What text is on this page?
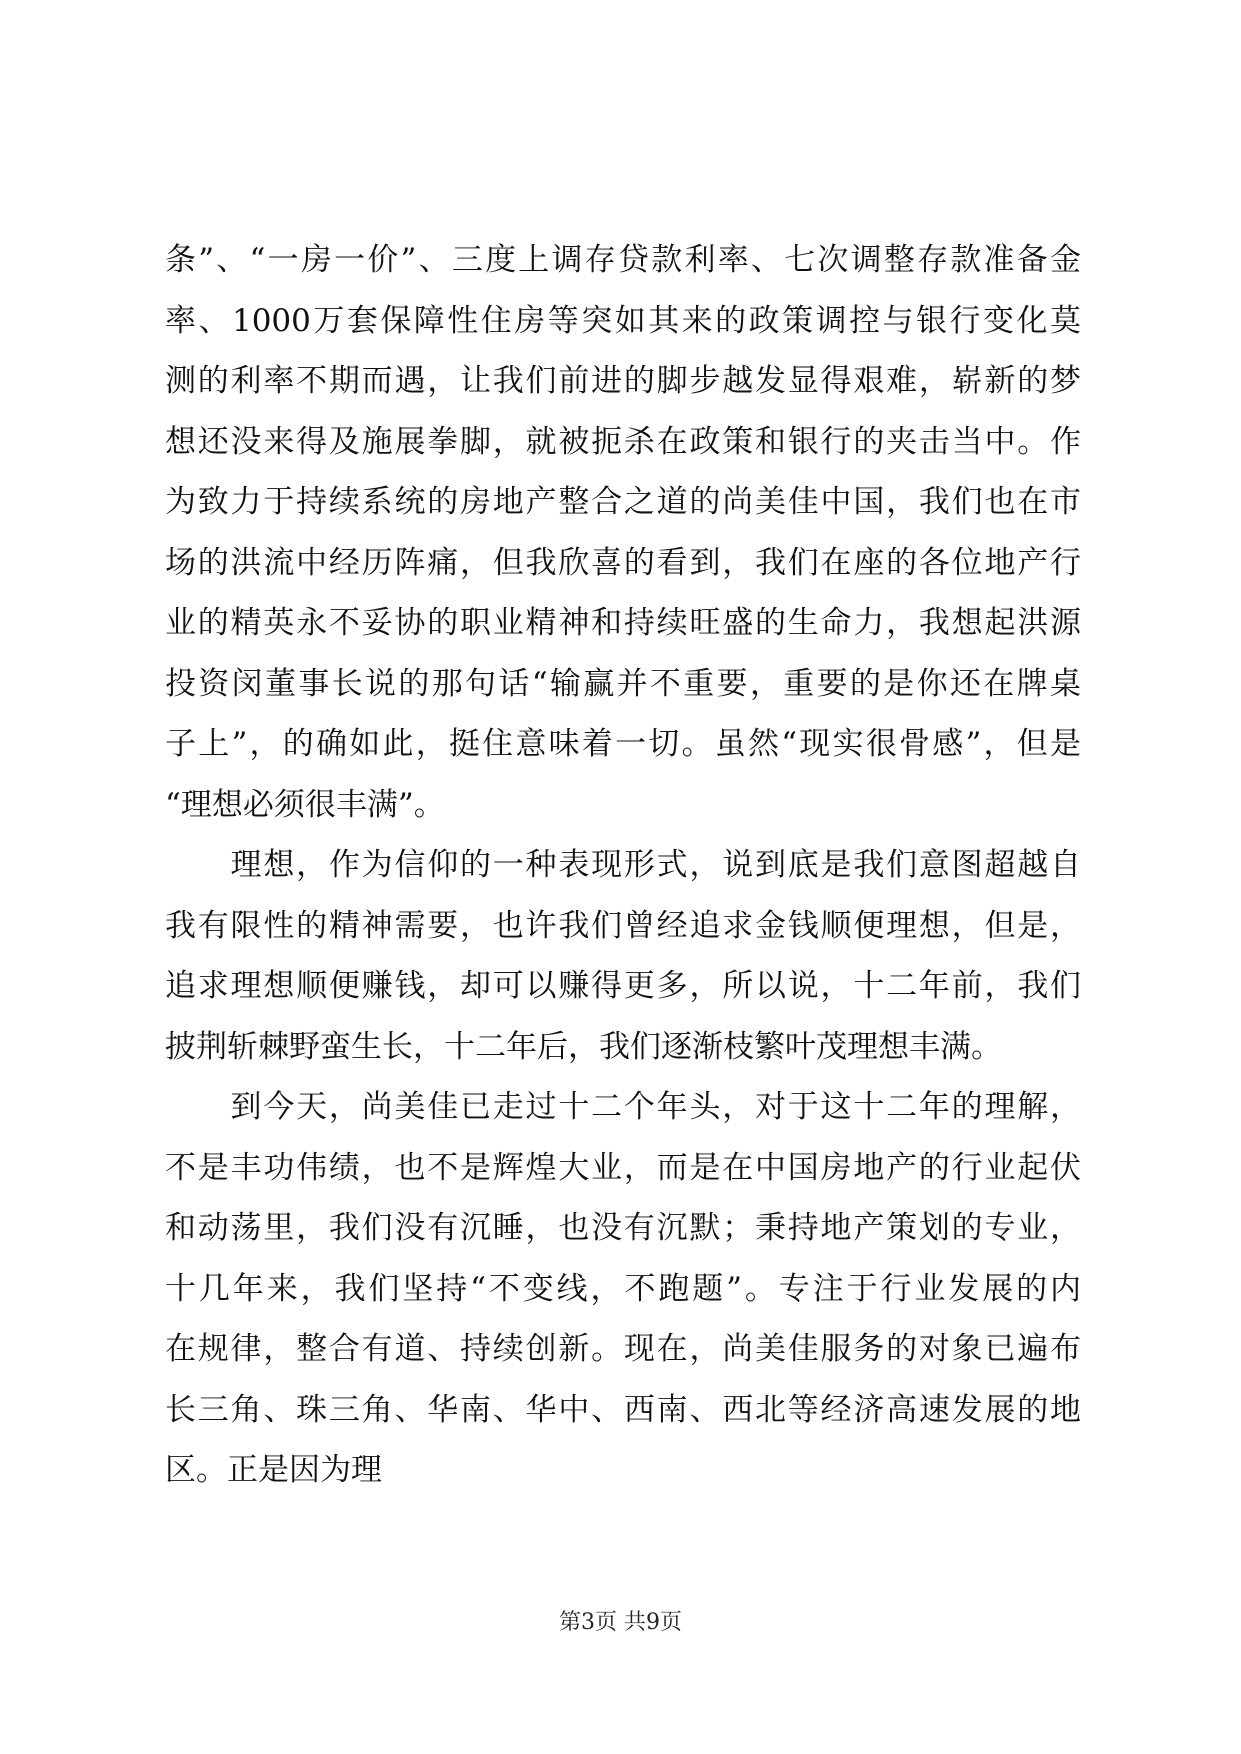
条”、“一房一价”、三度上调存贷款利率、七次调整存款准备金
率、1000万套保障性住房等突如其来的政策调控与银行变化莫
测的利率不期而遇，让我们前进的脚步越发显得艰难，崭新的梦
想还没来得及施展拳脚，就被扼杀在政策和银行的夹击当中。作
为致力于持续系统的房地产整合之道的尚美佳中国，我们也在市
场的洪流中经历阵痛，但我欣喜的看到，我们在座的各位地产行
业的精英永不妥协的职业精神和持续旺盛的生命力，我想起洪源
投资闵董事长说的那句话“输赢并不重要，重要的是你还在牌桌
子上”，的确如此，挺住意味着一切。虽然“现实很骨感”，但是
“理想必须很丰满”。
　　理想，作为信仰的一种表现形式，说到底是我们意图超越自
我有限性的精神需要，也许我们曾经追求金钱顺便理想，但是，
追求理想顺便赚钱，却可以赚得更多，所以说，十二年前，我们
披荆斩棘野蛮生长，十二年后，我们逐渐枝繁叶茂理想丰满。
　　到今天，尚美佳已走过十二个年头，对于这十二年的理解，
不是丰功伟绩，也不是辉煌大业，而是在中国房地产的行业起伏
和动荡里，我们没有沉睡，也没有沉默；秉持地产策划的专业，
十几年来，我们坚持“不变线，不跑题”。专注于行业发展的内
在规律，整合有道、持续创新。现在，尚美佳服务的对象已遍布
长三角、珠三角、华南、华中、西南、西北等经济高速发展的地
区。正是因为理
第3页 共9页
